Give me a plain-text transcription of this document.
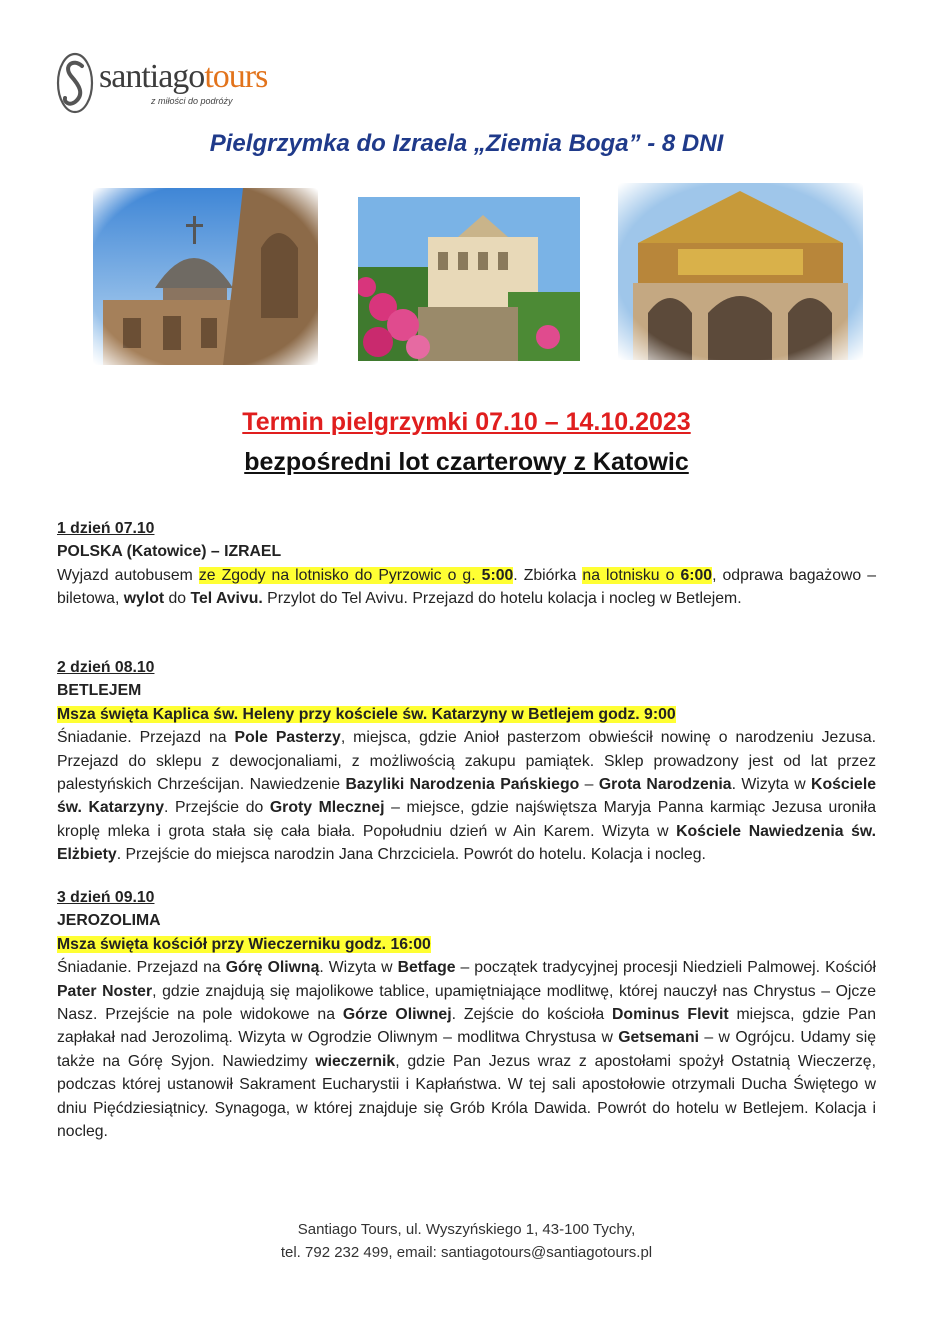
santiagotours
z miłości do podróży
Pielgrzymka do Izraela „Ziemia Boga” - 8 DNI
Termin pielgrzymki 07.10 – 14.10.2023
bezpośredni lot czarterowy z Katowic
1 dzień 07.10
POLSKA (Katowice) – IZRAEL
Wyjazd autobusem ze Zgody na lotnisko do Pyrzowic o g. 5:00. Zbiórka na lotnisku o 6:00, odprawa bagażowo – biletowa, wylot do Tel Avivu. Przylot do Tel Avivu. Przejazd do hotelu kolacja i nocleg w Betlejem.
2 dzień 08.10
BETLEJEM
Msza święta Kaplica św. Heleny przy kościele św. Katarzyny w Betlejem godz. 9:00
Śniadanie. Przejazd na Pole Pasterzy, miejsca, gdzie Anioł pasterzom obwieścił nowinę o narodzeniu Jezusa. Przejazd do sklepu z dewocjonaliami, z możliwością zakupu pamiątek. Sklep prowadzony jest od lat przez palestyńskich Chrześcijan. Nawiedzenie Bazyliki Narodzenia Pańskiego – Grota Narodzenia. Wizyta w Kościele św. Katarzyny. Przejście do Groty Mlecznej – miejsce, gdzie najświętsza Maryja Panna karmiąc Jezusa uroniła kroplę mleka i grota stała się cała biała. Popołudniu dzień w Ain Karem. Wizyta w Kościele Nawiedzenia św. Elżbiety. Przejście do miejsca narodzin Jana Chrzciciela. Powrót do hotelu. Kolacja i nocleg.
3 dzień 09.10
JEROZOLIMA
Msza święta kościół przy Wieczerniku godz. 16:00
Śniadanie. Przejazd na Górę Oliwną. Wizyta w Betfage – początek tradycyjnej procesji Niedzieli Palmowej. Kościół Pater Noster, gdzie znajdują się majolikowe tablice, upamiętniające modlitwę, której nauczył nas Chrystus – Ojcze Nasz. Przejście na pole widokowe na Górze Oliwnej. Zejście do kościoła Dominus Flevit miejsca, gdzie Pan zapłakał nad Jerozolimą. Wizyta w Ogrodzie Oliwnym – modlitwa Chrystusa w Getsemani – w Ogrójcu. Udamy się także na Górę Syjon. Nawiedzimy wieczernik, gdzie Pan Jezus wraz z apostołami spożył Ostatnią Wieczerzę, podczas której ustanowił Sakrament Eucharystii i Kapłaństwa. W tej sali apostołowie otrzymali Ducha Świętego w dniu Pięćdziesiątnicy. Synagoga, w której znajduje się Grób Króla Dawida. Powrót do hotelu w Betlejem. Kolacja i nocleg.
Santiago Tours, ul. Wyszyńskiego 1, 43-100 Tychy,
tel. 792 232 499, email: santiagotours@santiagotours.pl
